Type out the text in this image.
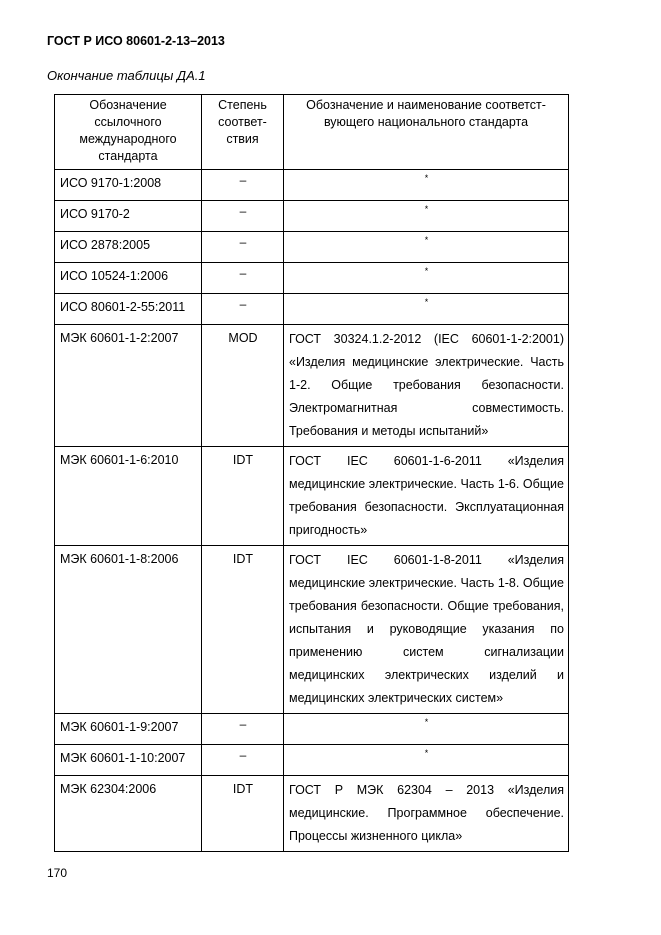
ГОСТ Р ИСО 80601-2-13–2013
Окончание таблицы ДА.1
Обозначение ссылочного международного стандарта	Степень соответ-ствия	Обозначение и наименование соответст-вующего национального стандарта
ИСО 9170-1:2008	–	*
ИСО 9170-2	–	*
ИСО 2878:2005	–	*
ИСО 10524-1:2006	–	*
ИСО 80601-2-55:2011	–	*
МЭК 60601-1-2:2007	MOD	ГОСТ 30324.1.2-2012 (IEC 60601-1-2:2001) «Изделия медицинские электрические. Часть 1-2. Общие требования безопасности. Электромагнитная совместимость. Требования и методы испытаний»
МЭК 60601-1-6:2010	IDT	ГОСТ IEC 60601-1-6-2011 «Изделия медицинские электрические. Часть 1-6. Общие требования безопасности. Эксплуатационная пригодность»
МЭК 60601-1-8:2006	IDT	ГОСТ IEC 60601-1-8-2011 «Изделия медицинские электрические. Часть 1-8. Общие требования безопасности. Общие требования, испытания и руководящие указания по применению систем сигнализации медицинских электрических изделий и медицинских электрических систем»
МЭК 60601-1-9:2007	–	*
МЭК 60601-1-10:2007	–	*
МЭК 62304:2006	IDT	ГОСТ Р МЭК 62304 – 2013 «Изделия медицинские. Программное обеспечение. Процессы жизненного цикла»
170
